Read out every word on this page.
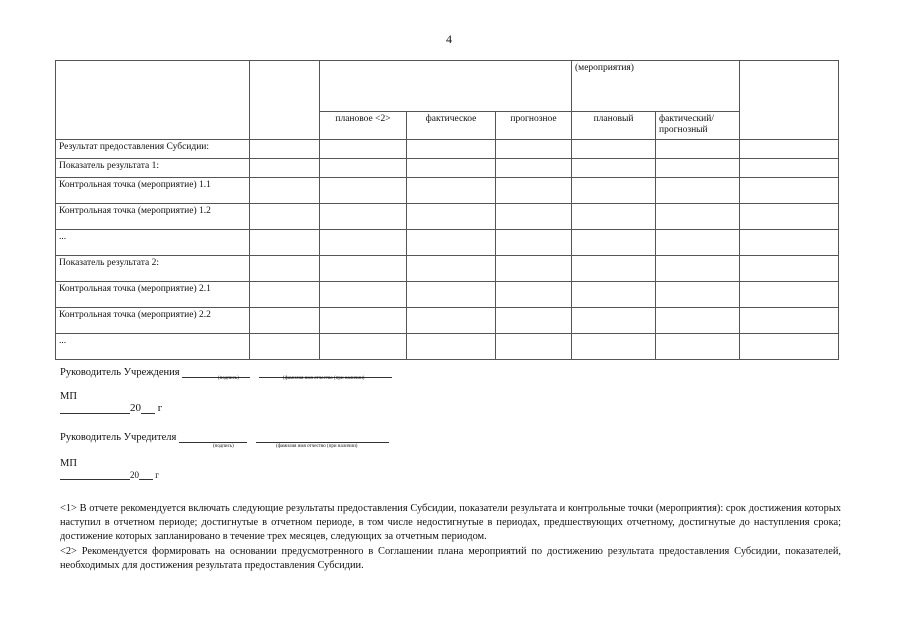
4
					(мероприятия)		
		плановое <2>	фактическое	прогнозное	плановый	фактический/ прогнозный	
Результат предоставления Субсидии:							
Показатель результата 1:							
Контрольная точка (мероприятие) 1.1							
Контрольная точка (мероприятие) 1.2							
...							
Показатель результата 2:							
Контрольная точка (мероприятие) 2.1							
Контрольная точка (мероприятие) 2.2							
...							
Руководитель Учреждения
(подпись)	(фамилия имя отчество (при наличии)
МП
20 г
Руководитель Учредителя
(подпись)	(фамилия имя отчество (при наличии)
МП
20 г

<1> В отчете рекомендуется включать следующие результаты предоставления Субсидии, показатели результата и контрольные точки (мероприятия): срок достижения которых наступил в отчетном периоде; достигнутые в отчетном периоде, в том числе недостигнутые в периодах, предшествующих отчетному, достигнутые до наступления срока; достижение которых запланировано в течение трех месяцев, следующих за отчетным периодом.

<2> Рекомендуется формировать на основании предусмотренного в Соглашении плана мероприятий по достижению результата предоставления Субсидии, показателей, необходимых для достижения результата предоставления Субсидии.
